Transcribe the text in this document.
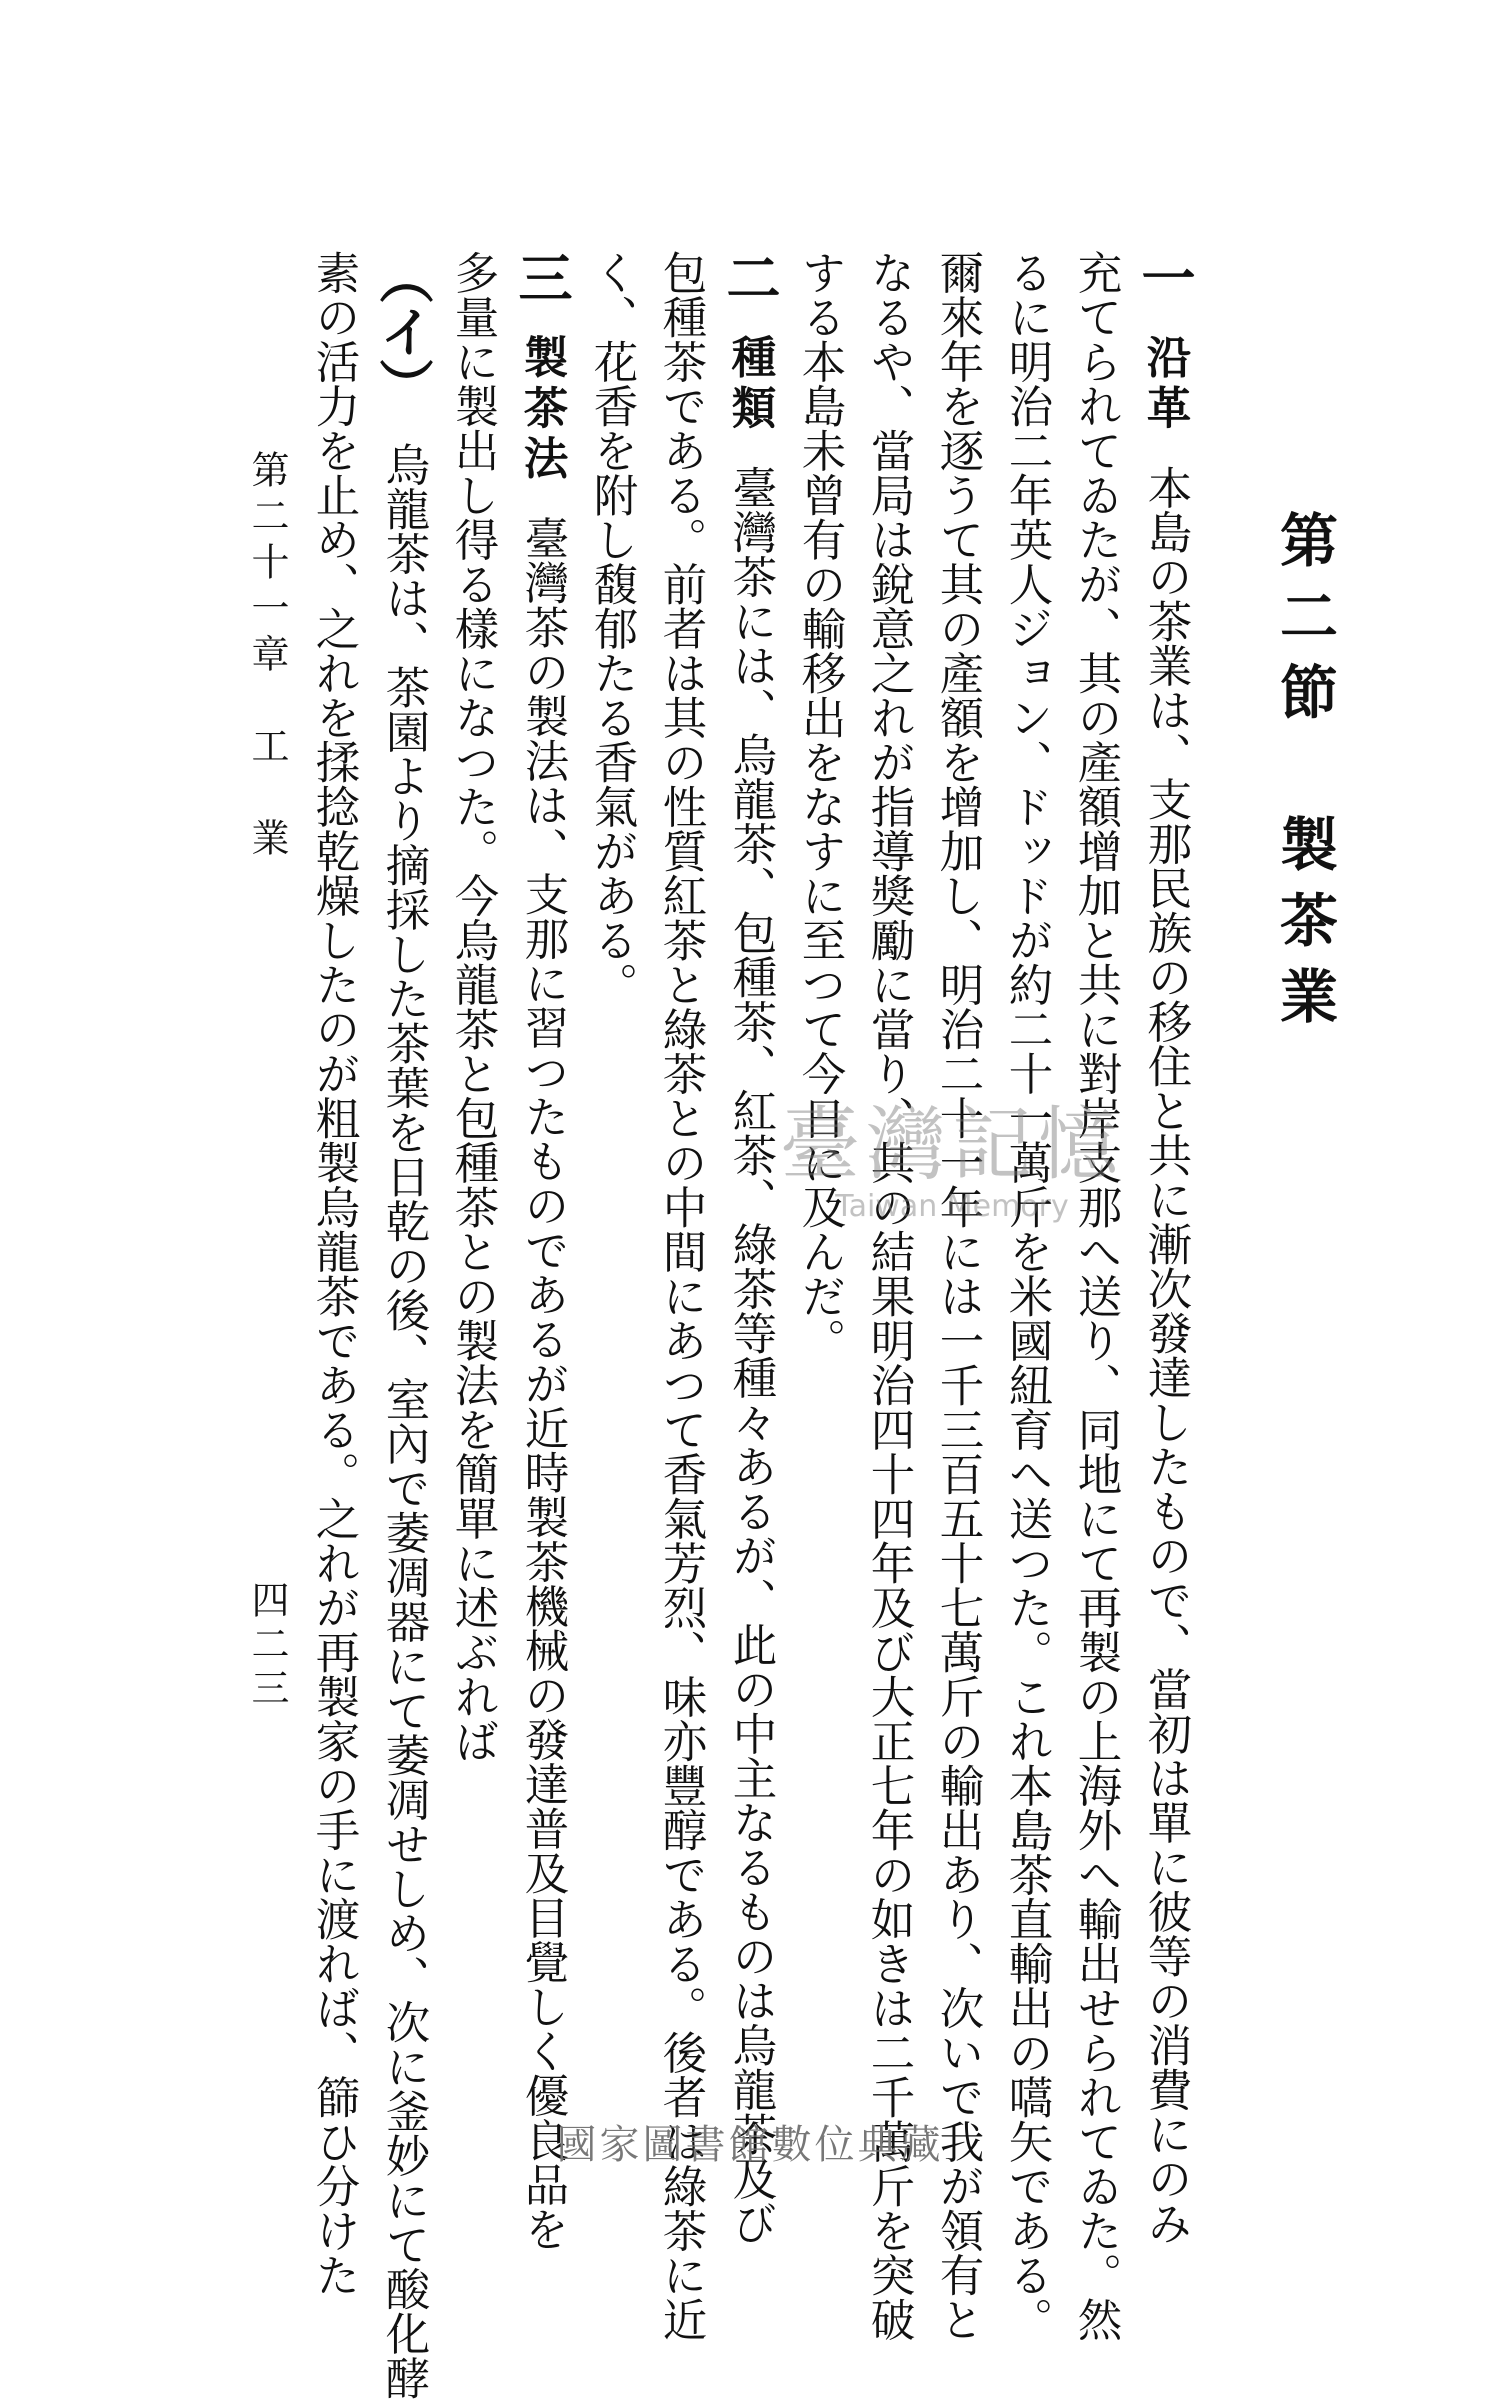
第二節　製茶業
一沿革本島の茶業は、支那民族の移住と共に漸次發達したもので、當初は單に彼等の消費にのみ
充てられてゐたが、其の產額增加と共に對岸支那へ送り、同地にて再製の上海外へ輸出せられてゐた。然
るに明治二年英人ジョン、ドッドが約二十一萬斤を米國紐育へ送つた。これ本島茶直輸出の嚆矢である。
爾來年を逐うて其の產額を增加し、明治二十一年には一千三百五十七萬斤の輸出あり、次いで我が領有と
なるや、當局は銳意之れが指導獎勵に當り、其の結果明治四十四年及び大正七年の如きは二千萬斤を突破
する本島未曾有の輸移出をなすに至つて今日に及んだ。
二種類臺灣茶には、烏龍茶、包種茶、紅茶、綠茶等種々あるが、此の中主なるものは烏龍茶及び
包種茶である。前者は其の性質紅茶と綠茶との中間にあつて香氣芳烈、味亦豐醇である。後者は綠茶に近
く、花香を附し馥郁たる香氣がある。
三製茶法臺灣茶の製法は、支那に習つたものであるが近時製茶機械の發達普及目覺しく優良品を
多量に製出し得る樣になつた。今烏龍茶と包種茶との製法を簡單に述ぶれば
（イ）烏龍茶は、茶園より摘採した茶葉を日乾の後、室內で萎凋器にて萎凋せしめ、次に釜妙にて酸化酵
素の活力を止め、之れを揉捻乾燥したのが粗製烏龍茶である。之れが再製家の手に渡れば、篩ひ分けた	臺灣記憶
Taiwan Memory
第二十一章　工　業
四二三
國家圖書館數位典藏
